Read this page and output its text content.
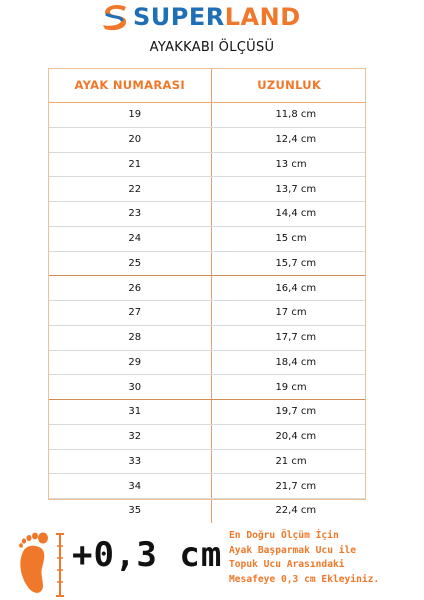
SUPERLAND
AYAKKABI ÖLÇÜSÜ
AYAK NUMARASI	UZUNLUK
19	11,8 cm
20	12,4 cm
21	13 cm
22	13,7 cm
23	14,4 cm
24	15 cm
25	15,7 cm
26	16,4 cm
27	17 cm
28	17,7 cm
29	18,4 cm
30	19 cm
31	19,7 cm
32	20,4 cm
33	21 cm
34	21,7 cm
35	22,4 cm
+0,3 cm En Doğru Ölçüm İçin
Ayak Başparmak Ucu ile
Topuk Ucu Arasındaki
Mesafeye 0,3 cm Ekleyiniz.
